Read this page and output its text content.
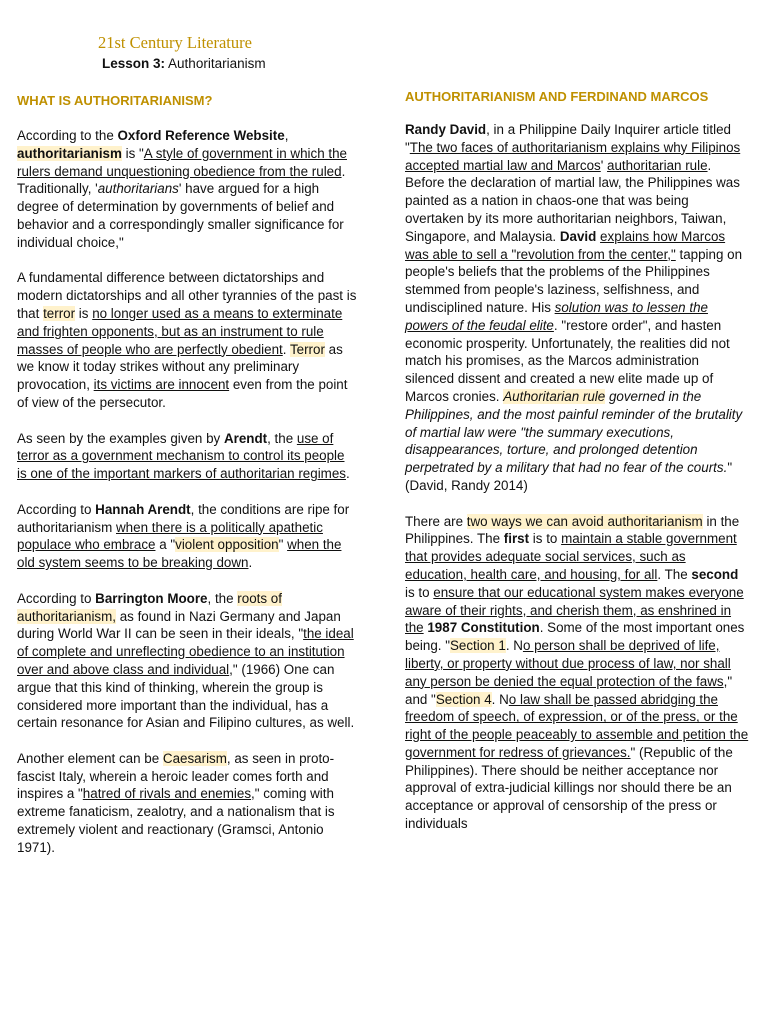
21st Century Literature
Lesson 3: Authoritarianism
WHAT IS AUTHORITARIANISM?

According to the Oxford Reference Website, authoritarianism is "A style of government in which the rulers demand unquestioning obedience from the ruled. Traditionally, 'authoritarians' have argued for a high degree of determination by governments of belief and behavior and a correspondingly smaller significance for individual choice,"

A fundamental difference between dictatorships and modern dictatorships and all other tyrannies of the past is that terror is no longer used as a means to exterminate and frighten opponents, but as an instrument to rule masses of people who are perfectly obedient. Terror as we know it today strikes without any preliminary provocation, its victims are innocent even from the point of view of the persecutor.

As seen by the examples given by Arendt, the use of terror as a government mechanism to control its people is one of the important markers of authoritarian regimes.

According to Hannah Arendt, the conditions are ripe for authoritarianism when there is a politically apathetic populace who embrace a "violent opposition" when the old system seems to be breaking down.

According to Barrington Moore, the roots of authoritarianism, as found in Nazi Germany and Japan during World War II can be seen in their ideals, "the ideal of complete and unreflecting obedience to an institution over and above class and individual," (1966) One can argue that this kind of thinking, wherein the group is considered more important than the individual, has a certain resonance for Asian and Filipino cultures, as well.

Another element can be Caesarism, as seen in proto-fascist Italy, wherein a heroic leader comes forth and inspires a "hatred of rivals and enemies," coming with extreme fanaticism, zealotry, and a nationalism that is extremely violent and reactionary (Gramsci, Antonio 1971).

AUTHORITARIANISM AND FERDINAND MARCOS

Randy David, in a Philippine Daily Inquirer article titled "The two faces of authoritarianism explains why Filipinos accepted martial law and Marcos' authoritarian rule. Before the declaration of martial law, the Philippines was painted as a nation in chaos-one that was being overtaken by its more authoritarian neighbors, Taiwan, Singapore, and Malaysia. David explains how Marcos was able to sell a "revolution from the center," tapping on people's beliefs that the problems of the Philippines stemmed from people's laziness, selfishness, and undisciplined nature. His solution was to lessen the powers of the feudal elite. "restore order", and hasten economic prosperity. Unfortunately, the realities did not match his promises, as the Marcos administration silenced dissent and created a new elite made up of Marcos cronies. Authoritarian rule governed in the Philippines, and the most painful reminder of the brutality of martial law were "the summary executions, disappearances, torture, and prolonged detention perpetrated by a military that had no fear of the courts." (David, Randy 2014)

There are two ways we can avoid authoritarianism in the Philippines. The first is to maintain a stable government that provides adequate social services, such as education, health care, and housing, for all. The second is to ensure that our educational system makes everyone aware of their rights, and cherish them, as enshrined in the 1987 Constitution. Some of the most important ones being. "Section 1. No person shall be deprived of life, liberty, or property without due process of law, nor shall any person be denied the equal protection of the faws," and "Section 4. No law shall be passed abridging the freedom of speech, of expression, or of the press, or the right of the people peaceably to assemble and petition the government for redress of grievances." (Republic of the Philippines). There should be neither acceptance nor approval of extra-judicial killings nor should there be an acceptance or approval of censorship of the press or individuals
